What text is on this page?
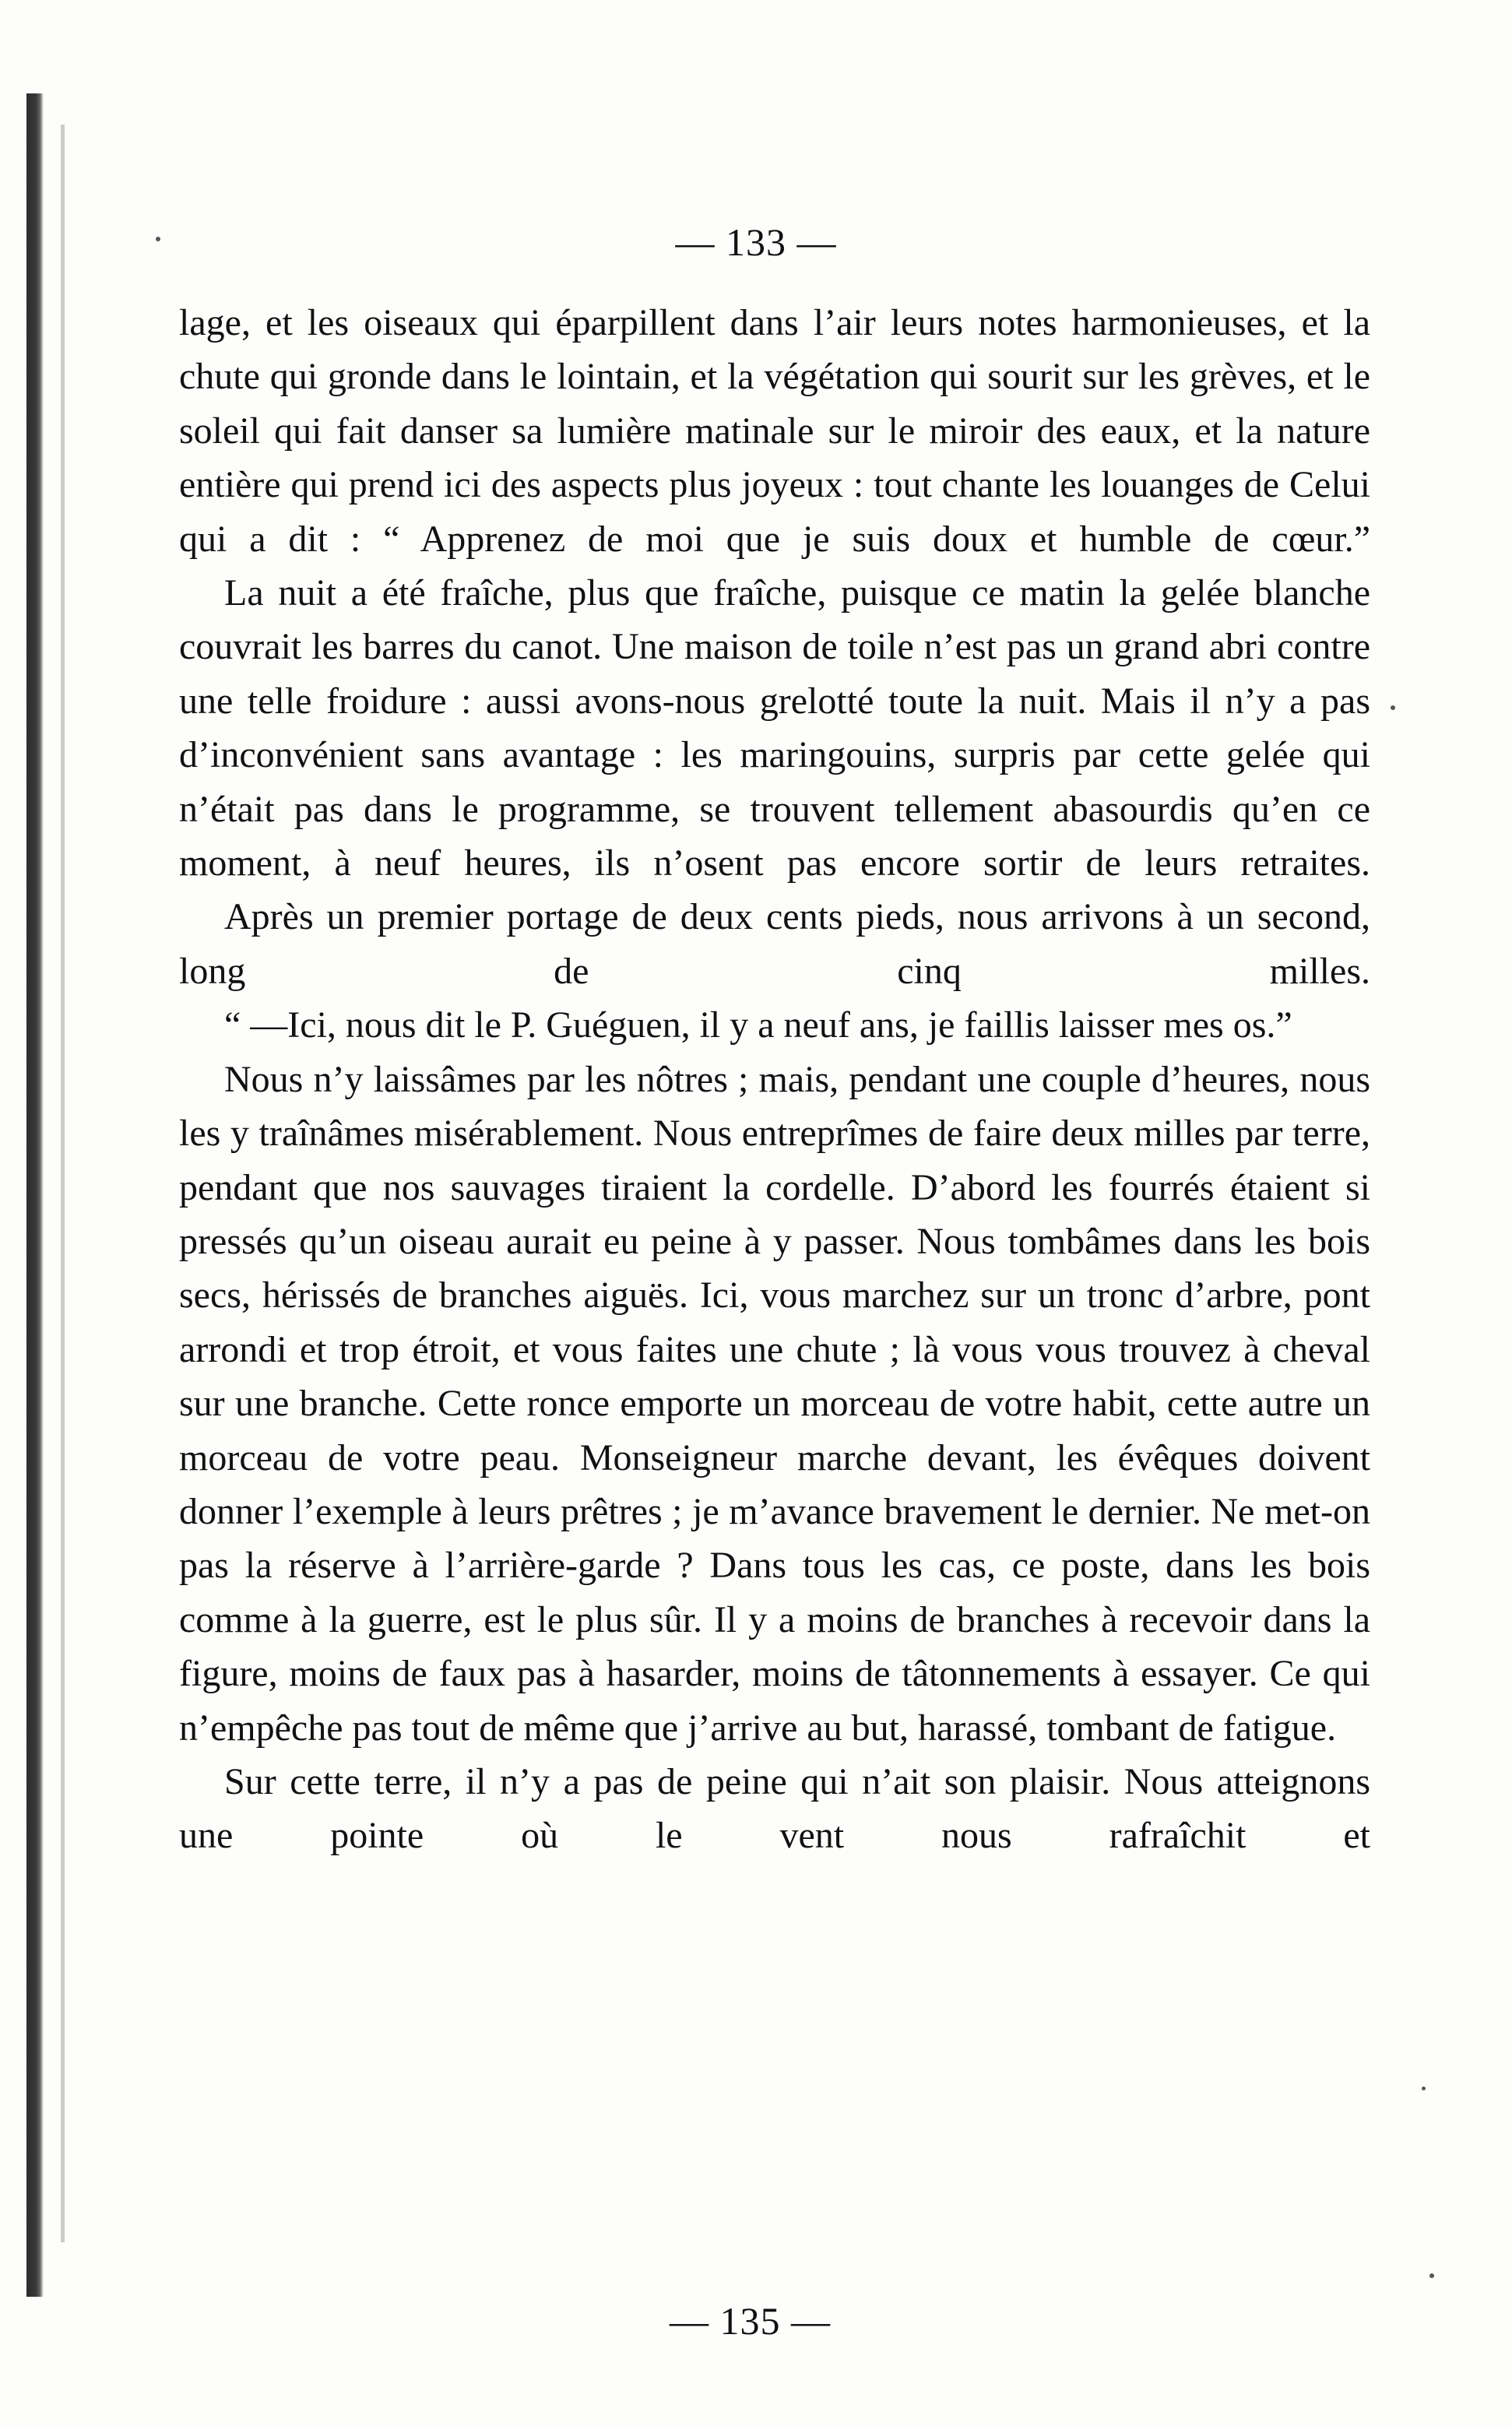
— 133 —

lage, et les oiseaux qui éparpillent dans l’air leurs notes harmonieuses, et la chute qui gronde dans le lointain, et la végétation qui sourit sur les grèves, et le soleil qui fait danser sa lumière matinale sur le miroir des eaux, et la nature entière qui prend ici des aspects plus joyeux : tout chante les louanges de Celui qui a dit : “ Apprenez de moi que je suis doux et humble de cœur.”

La nuit a été fraîche, plus que fraîche, puisque ce matin la gelée blanche couvrait les barres du canot. Une maison de toile n’est pas un grand abri contre une telle froidure : aussi avons-nous grelotté toute la nuit. Mais il n’y a pas d’inconvénient sans avantage : les maringouins, surpris par cette gelée qui n’était pas dans le programme, se trouvent tellement abasourdis qu’en ce moment, à neuf heures, ils n’osent pas encore sortir de leurs retraites.

Après un premier portage de deux cents pieds, nous arrivons à un second, long de cinq milles.

“ —Ici, nous dit le P. Guéguen, il y a neuf ans, je faillis laisser mes os.”

Nous n’y laissâmes par les nôtres ; mais, pendant une couple d’heures, nous les y traînâmes misérablement. Nous entreprîmes de faire deux milles par terre, pendant que nos sauvages tiraient la cordelle. D’abord les fourrés étaient si pressés qu’un oiseau aurait eu peine à y passer. Nous tombâmes dans les bois secs, hérissés de branches aiguës. Ici, vous marchez sur un tronc d’arbre, pont arrondi et trop étroit, et vous faites une chute ; là vous vous trouvez à cheval sur une branche. Cette ronce emporte un morceau de votre habit, cette autre un morceau de votre peau. Monseigneur marche devant, les évêques doivent donner l’exemple à leurs prêtres ; je m’avance bravement le dernier. Ne met-on pas la réserve à l’arrière-garde ? Dans tous les cas, ce poste, dans les bois comme à la guerre, est le plus sûr. Il y a moins de branches à recevoir dans la figure, moins de faux pas à hasarder, moins de tâtonnements à essayer. Ce qui n’empêche pas tout de même que j’arrive au but, harassé, tombant de fatigue.

Sur cette terre, il n’y a pas de peine qui n’ait son plaisir. Nous atteignons une pointe où le vent nous rafraîchit et

— 135 —
